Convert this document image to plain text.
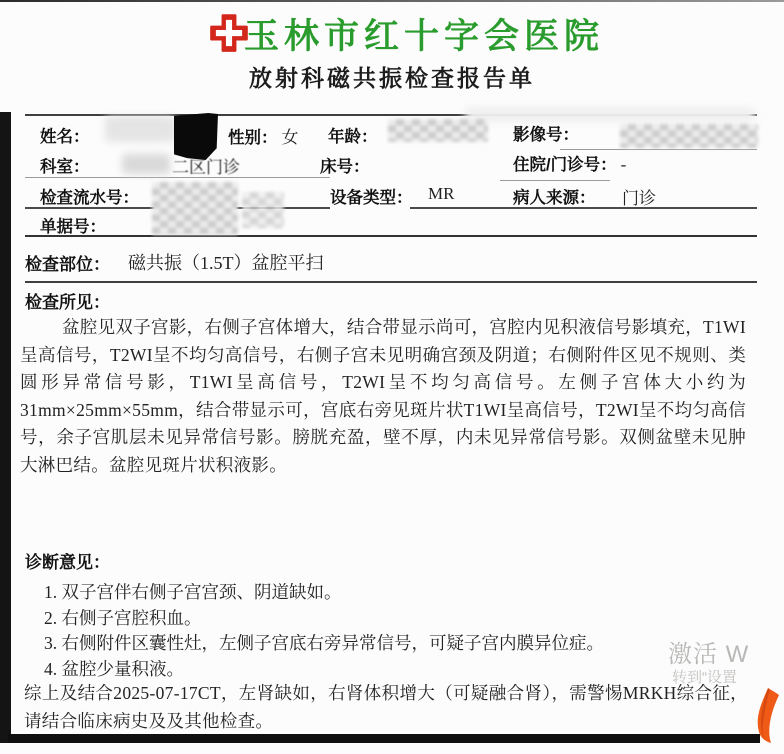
激活 W
转到“设置
玉林市红十字会医院
放射科磁共振检查报告单
姓名：	性别： 女 年龄：	影像号：
科室：	二区门诊	床号：	住院/门诊号： -
检查流水号：	设备类型： MR	病人来源： 门诊
单据号：
检查部位： 磁共振（1.5T）盆腔平扫
检查所见：
盆腔见双子宫影，右侧子宫体增大，结合带显示尚可，宫腔内见积液信号影填充，T1WI呈高信号，T2WI呈不均匀高信号，右侧子宫未见明确宫颈及阴道；右侧附件区见不规则、类圆形异常信号影，T1WI呈高信号，T2WI呈不均匀高信号。左侧子宫体大小约为31mm×25mm×55mm，结合带显示可，宫底右旁见斑片状T1WI呈高信号，T2WI呈不均匀高信号，余子宫肌层未见异常信号影。膀胱充盈，壁不厚，内未见异常信号影。双侧盆壁未见肿大淋巴结。盆腔见斑片状积液影。
诊断意见：
1. 双子宫伴右侧子宫宫颈、阴道缺如。
2. 右侧子宫腔积血。
3. 右侧附件区囊性灶，左侧子宫底右旁异常信号，可疑子宫内膜异位症。
4. 盆腔少量积液。
综上及结合2025-07-17CT，左肾缺如，右肾体积增大（可疑融合肾），需警惕MRKH综合征，请结合临床病史及及其他检查。
